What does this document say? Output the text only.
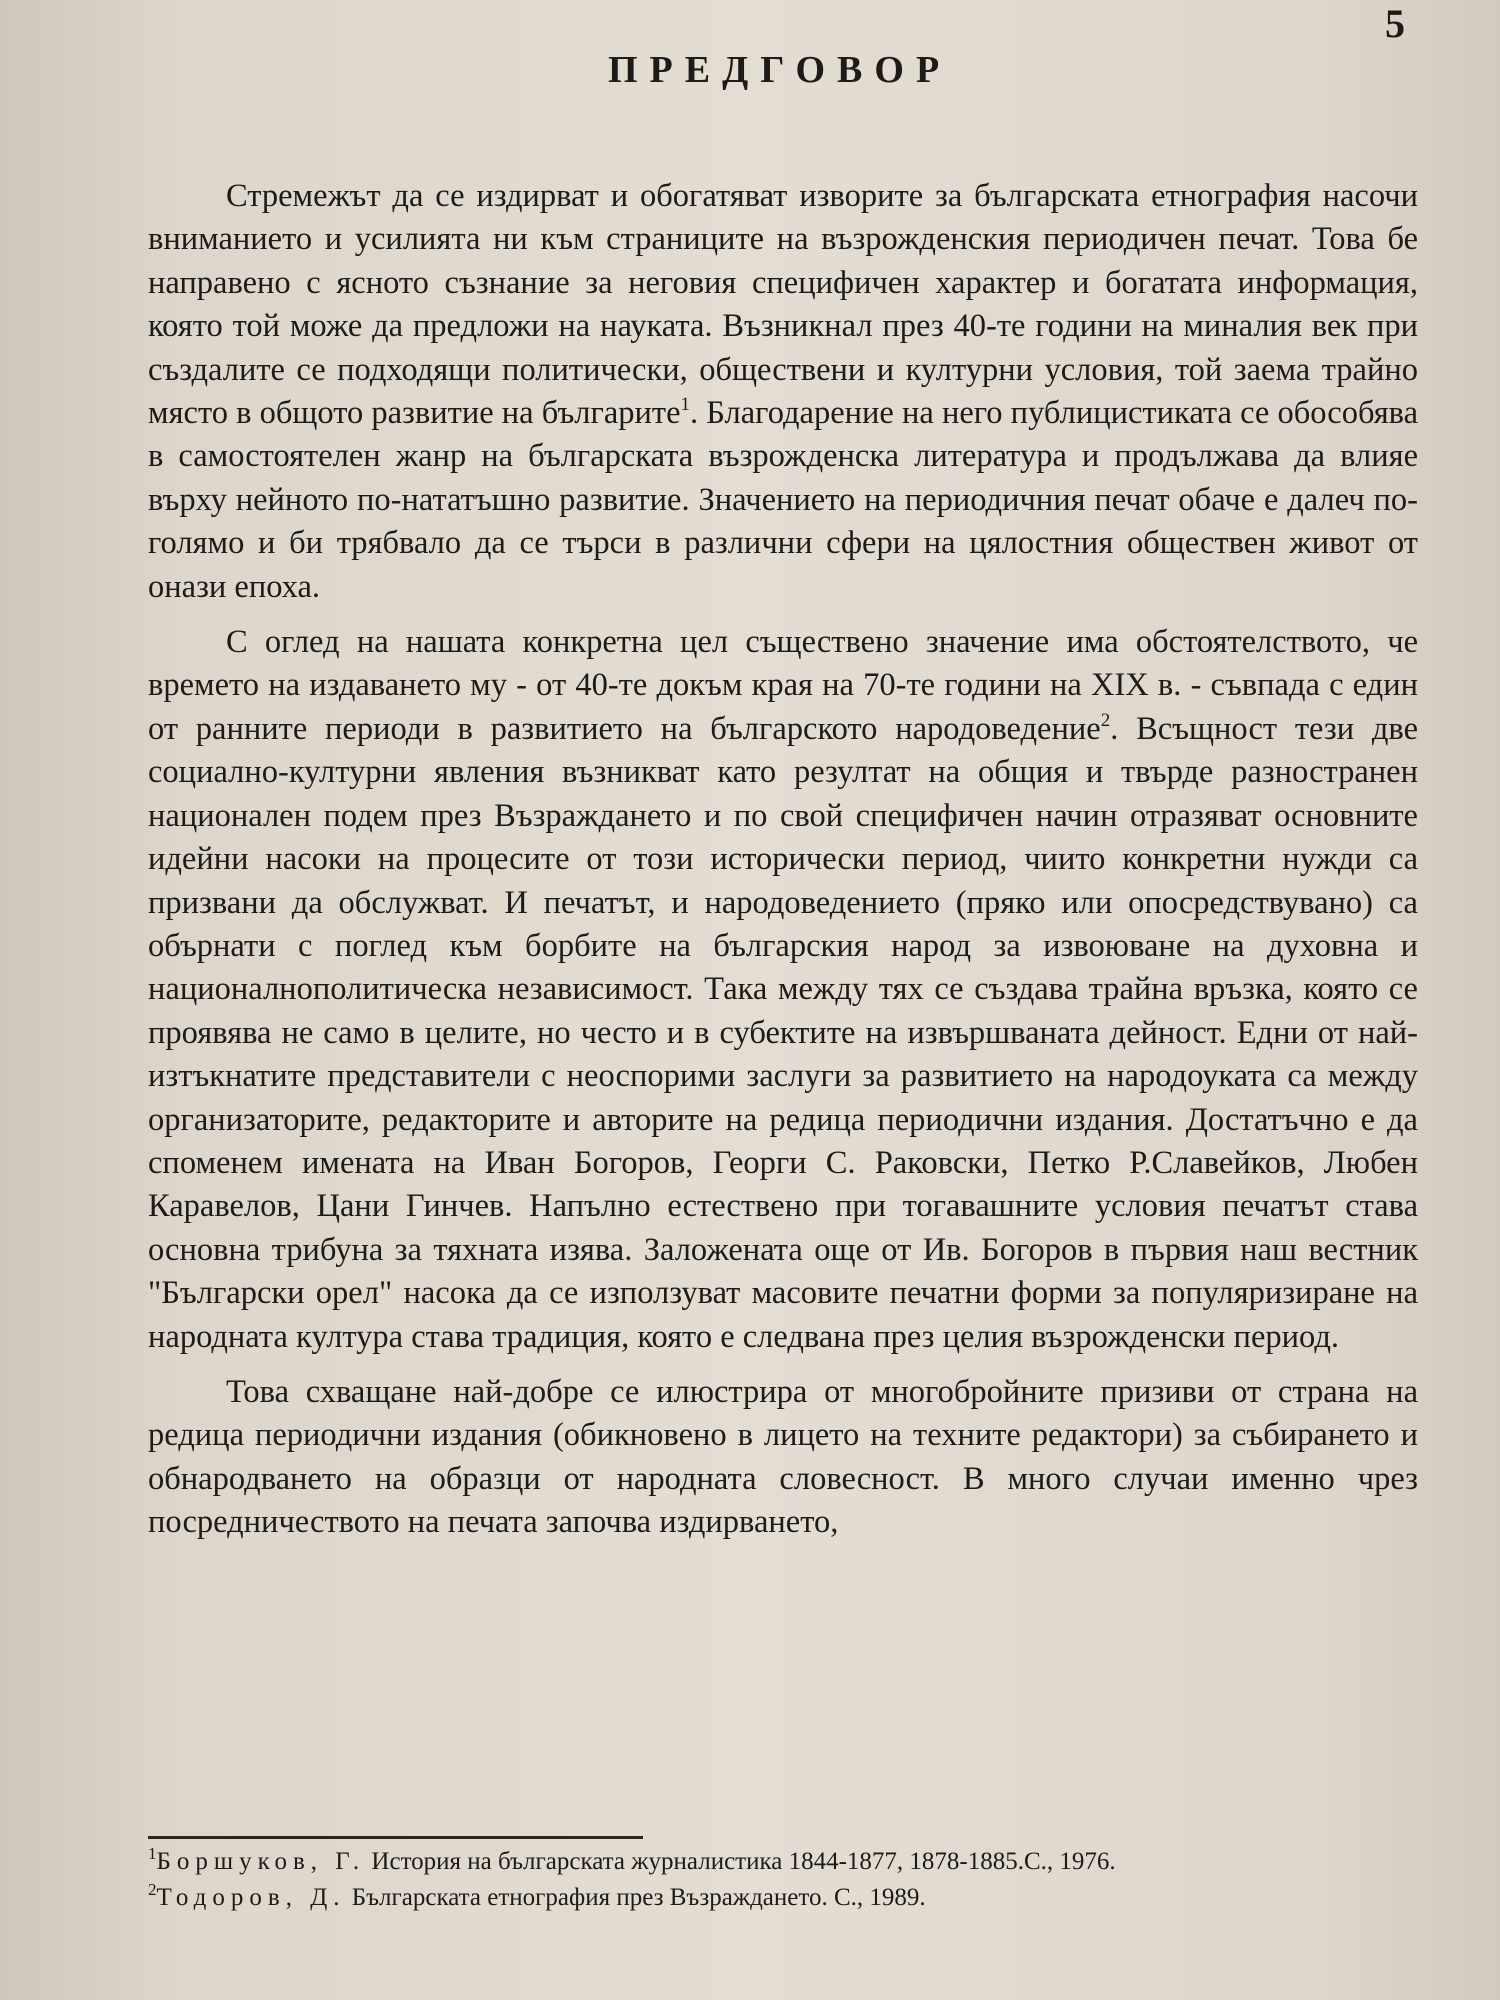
5
ПРЕДГОВОР

Стремежът да се издирват и обогатяват изворите за българската етнография насочи вниманието и усилията ни към страниците на възрожденския периодичен печат. Това бе направено с ясното съзнание за неговия специфичен характер и богатата информация, която той може да предложи на науката. Възникнал през 40-те години на миналия век при създалите се подходящи политически, обществени и културни условия, той заема трайно място в общото развитие на българите$^1$. Благодарение на него публицистиката се обособява в самостоятелен жанр на българската възрожденска литература и продължава да влияе върху нейното по-нататъшно развитие. Значението на периодичния печат обаче е далеч по-голямо и би трябвало да се търси в различни сфери на цялостния обществен живот от онази епоха.

С оглед на нашата конкретна цел съществено значение има обстоятелството, че времето на издаването му - от 40-те докъм края на 70-те години на XIX в. - съвпада с един от ранните периоди в развитието на българското народоведение$^2$. Всъщност тези две социално-културни явления възникват като резултат на общия и твърде разностранен национален подем през Възраждането и по свой специфичен начин отразяват основните идейни насоки на процесите от този исторически период, чиито конкретни нужди са призвани да обслужват. И печатът, и народоведението (пряко или опосредствувано) са обърнати с поглед към борбите на българския народ за извоюване на духовна и националнополитическа независимост. Така между тях се създава трайна връзка, която се проявява не само в целите, но често и в субектите на извършваната дейност. Едни от най-изтъкнатите представители с неоспорими заслуги за развитието на народоуката са между организаторите, редакторите и авторите на редица периодични издания. Достатъчно е да споменем имената на Иван Богоров, Георги С. Раковски, Петко Р.Славейков, Любен Каравелов, Цани Гинчев. Напълно естествено при тогавашните условия печатът става основна трибуна за тяхната изява. Заложената още от Ив. Богоров в първия наш вестник "Български орел" насока да се използуват масовите печатни форми за популяризиране на народната култура става традиция, която е следвана през целия възрожденски период.

Това схващане най-добре се илюстрира от многобройните призиви от страна на редица периодични издания (обикновено в лицето на техните редактори) за събирането и обнародването на образци от народната словесност. В много случаи именно чрез посредничеството на печата започва издирването,

$^1$Боршуков, Г. История на българската журналистика 1844-1877, 1878-1885.С., 1976.
$^2$Тодоров, Д. Българската етнография през Възраждането. С., 1989.
